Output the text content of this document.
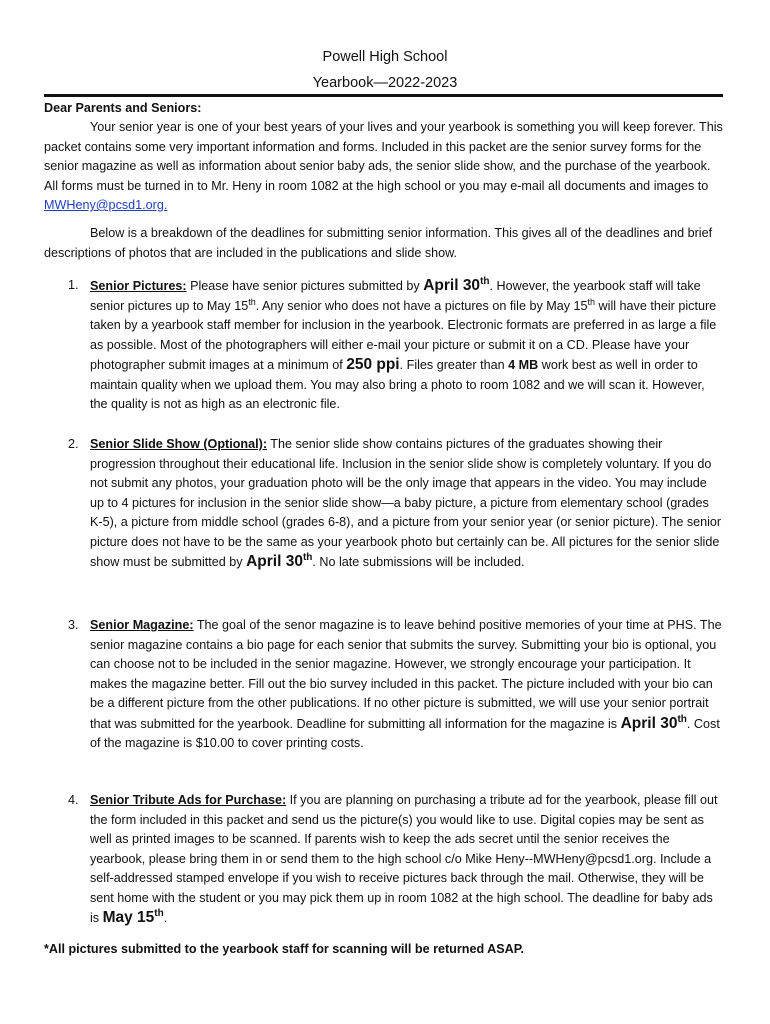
Powell High School
Yearbook—2022-2023
Dear Parents and Seniors:
Your senior year is one of your best years of your lives and your yearbook is something you will keep forever. This packet contains some very important information and forms. Included in this packet are the senior survey forms for the senior magazine as well as information about senior baby ads, the senior slide show, and the purchase of the yearbook. All forms must be turned in to Mr. Heny in room 1082 at the high school or you may e-mail all documents and images to MWHeny@pcsd1.org.
Below is a breakdown of the deadlines for submitting senior information. This gives all of the deadlines and brief descriptions of photos that are included in the publications and slide show.
1. Senior Pictures: Please have senior pictures submitted by April 30th. However, the yearbook staff will take senior pictures up to May 15th. Any senior who does not have a pictures on file by May 15th will have their picture taken by a yearbook staff member for inclusion in the yearbook. Electronic formats are preferred in as large a file as possible. Most of the photographers will either e-mail your picture or submit it on a CD. Please have your photographer submit images at a minimum of 250 ppi. Files greater than 4 MB work best as well in order to maintain quality when we upload them. You may also bring a photo to room 1082 and we will scan it. However, the quality is not as high as an electronic file.
2. Senior Slide Show (Optional): The senior slide show contains pictures of the graduates showing their progression throughout their educational life. Inclusion in the senior slide show is completely voluntary. If you do not submit any photos, your graduation photo will be the only image that appears in the video. You may include up to 4 pictures for inclusion in the senior slide show—a baby picture, a picture from elementary school (grades K-5), a picture from middle school (grades 6-8), and a picture from your senior year (or senior picture). The senior picture does not have to be the same as your yearbook photo but certainly can be. All pictures for the senior slide show must be submitted by April 30th. No late submissions will be included.
3. Senior Magazine: The goal of the senor magazine is to leave behind positive memories of your time at PHS. The senior magazine contains a bio page for each senior that submits the survey. Submitting your bio is optional, you can choose not to be included in the senior magazine. However, we strongly encourage your participation. It makes the magazine better. Fill out the bio survey included in this packet. The picture included with your bio can be a different picture from the other publications. If no other picture is submitted, we will use your senior portrait that was submitted for the yearbook. Deadline for submitting all information for the magazine is April 30th. Cost of the magazine is $10.00 to cover printing costs.
4. Senior Tribute Ads for Purchase: If you are planning on purchasing a tribute ad for the yearbook, please fill out the form included in this packet and send us the picture(s) you would like to use. Digital copies may be sent as well as printed images to be scanned. If parents wish to keep the ads secret until the senior receives the yearbook, please bring them in or send them to the high school c/o Mike Heny--MWHeny@pcsd1.org. Include a self-addressed stamped envelope if you wish to receive pictures back through the mail. Otherwise, they will be sent home with the student or you may pick them up in room 1082 at the high school. The deadline for baby ads is May 15th.
*All pictures submitted to the yearbook staff for scanning will be returned ASAP.
